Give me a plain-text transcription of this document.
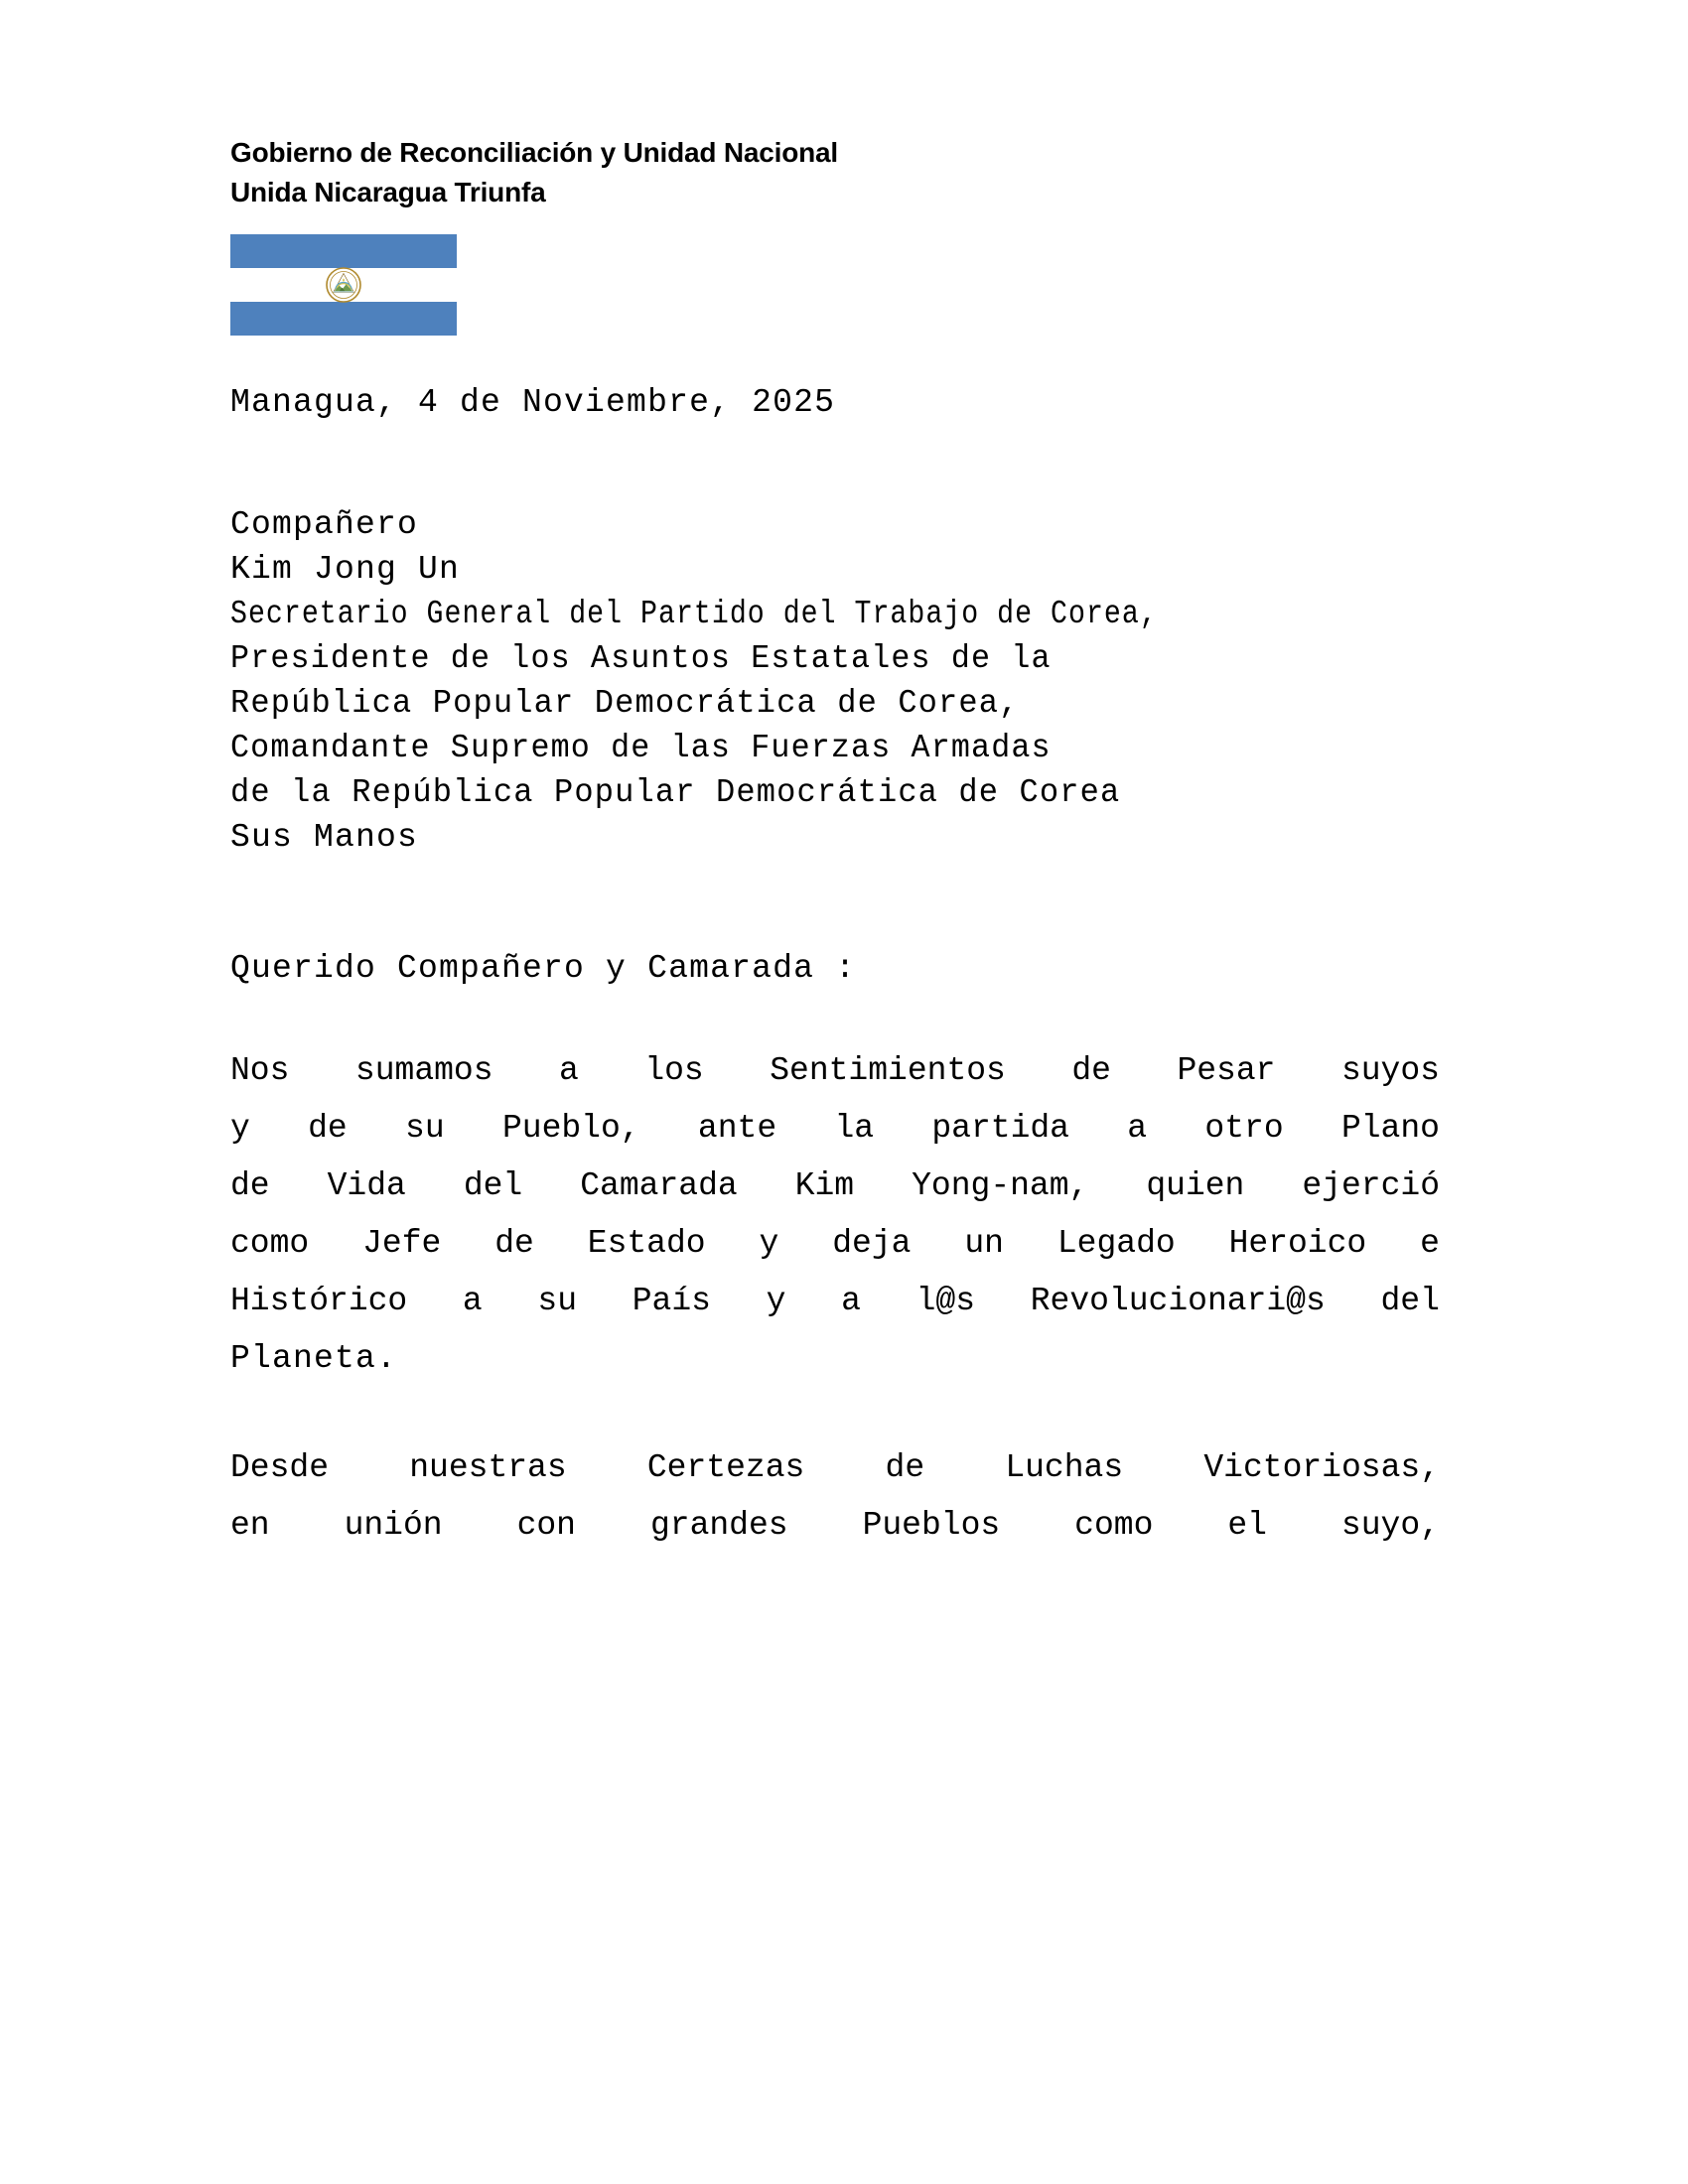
Gobierno de Reconciliación y Unidad Nacional
Unida Nicaragua Triunfa
Managua, 4 de Noviembre, 2025
Compañero
Kim Jong Un
Secretario General del Partido del Trabajo de Corea,
Presidente de los Asuntos Estatales de la
República Popular Democrática de Corea,
Comandante Supremo de las Fuerzas Armadas
de la República Popular Democrática de Corea
Sus Manos
Querido Compañero y Camarada :
Nos sumamos a los Sentimientos de Pesar suyos
y de su Pueblo, ante la partida a otro Plano
de Vida del Camarada Kim Yong-nam, quien ejerció
como Jefe de Estado y deja un Legado Heroico e
Histórico a su País y a l@s Revolucionari@s del
Planeta.
Desde nuestras Certezas de Luchas Victoriosas,
en unión con grandes Pueblos como el suyo,
